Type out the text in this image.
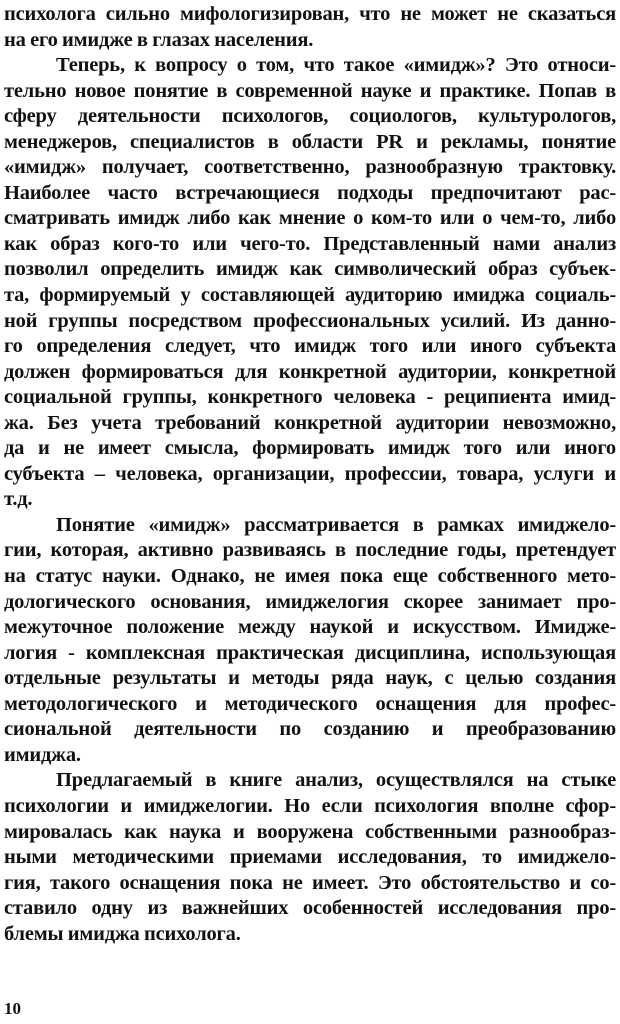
психолога сильно мифологизирован, что не может не сказаться
на его имидже в глазах населения.
Теперь, к вопросу о том, что такое «имидж»? Это относи-
тельно новое понятие в современной науке и практике. Попав в
сферу деятельности психологов, социологов, культурологов,
менеджеров, специалистов в области PR и рекламы, понятие
«имидж» получает, соответственно, разнообразную трактовку.
Наиболее часто встречающиеся подходы предпочитают рас-
сматривать имидж либо как мнение о ком-то или о чем-то, либо
как образ кого-то или чего-то. Представленный нами анализ
позволил определить имидж как символический образ субъек-
та, формируемый у составляющей аудиторию имиджа социаль-
ной группы посредством профессиональных усилий. Из данно-
го определения следует, что имидж того или иного субъекта
должен формироваться для конкретной аудитории, конкретной
социальной группы, конкретного человека - реципиента имид-
жа. Без учета требований конкретной аудитории невозможно,
да и не имеет смысла, формировать имидж того или иного
субъекта – человека, организации, профессии, товара, услуги и
т.д.
Понятие «имидж» рассматривается в рамках имиджело-
гии, которая, активно развиваясь в последние годы, претендует
на статус науки. Однако, не имея пока еще собственного мето-
дологического основания, имиджелогия скорее занимает про-
межуточное положение между наукой и искусством. Имидже-
логия - комплексная практическая дисциплина, использующая
отдельные результаты и методы ряда наук, с целью создания
методологического и методического оснащения для профес-
сиональной деятельности по созданию и преобразованию
имиджа.
Предлагаемый в книге анализ, осуществлялся на стыке
психологии и имиджелогии. Но если психология вполне сфор-
мировалась как наука и вооружена собственными разнообраз-
ными методическими приемами исследования, то имиджело-
гия, такого оснащения пока не имеет. Это обстоятельство и со-
ставило одну из важнейших особенностей исследования про-
блемы имиджа психолога.
10
